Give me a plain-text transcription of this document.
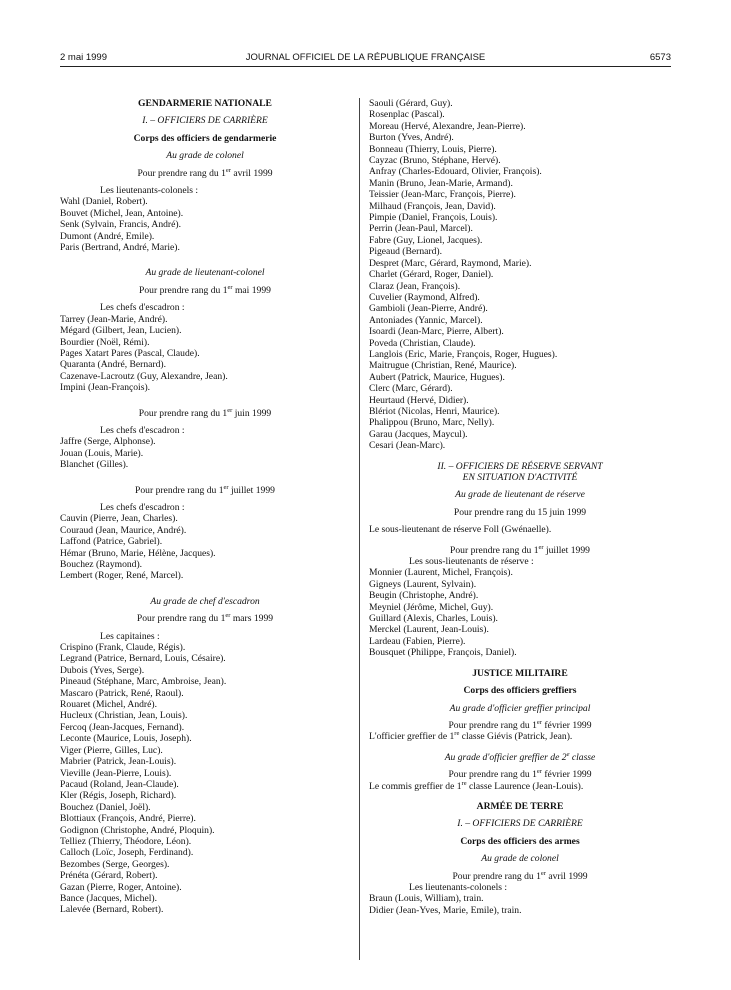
2 mai 1999	JOURNAL OFFICIEL DE LA RÉPUBLIQUE FRANÇAISE	6573
GENDARMERIE NATIONALE
I. – OFFICIERS DE CARRIÈRE
Corps des officiers de gendarmerie
Au grade de colonel
Pour prendre rang du 1er avril 1999
Les lieutenants-colonels :
Wahl (Daniel, Robert).
Bouvet (Michel, Jean, Antoine).
Senk (Sylvain, Francis, André).
Dumont (André, Emile).
Paris (Bertrand, André, Marie).
Au grade de lieutenant-colonel
Pour prendre rang du 1er mai 1999
Les chefs d'escadron :
Tarrey (Jean-Marie, André).
Mégard (Gilbert, Jean, Lucien).
Bourdier (Noël, Rémi).
Pages Xatart Pares (Pascal, Claude).
Quaranta (André, Bernard).
Cazenave-Lacroutz (Guy, Alexandre, Jean).
Impini (Jean-François).
Pour prendre rang du 1er juin 1999
Les chefs d'escadron :
Jaffre (Serge, Alphonse).
Jouan (Louis, Marie).
Blanchet (Gilles).
Pour prendre rang du 1er juillet 1999
Les chefs d'escadron :
Cauvin (Pierre, Jean, Charles).
Couraud (Jean, Maurice, André).
Laffond (Patrice, Gabriel).
Hémar (Bruno, Marie, Hélène, Jacques).
Bouchez (Raymond).
Lembert (Roger, René, Marcel).
Au grade de chef d'escadron
Pour prendre rang du 1er mars 1999
Les capitaines :
Crispino (Frank, Claude, Régis).
Legrand (Patrice, Bernard, Louis, Césaire).
Dubois (Yves, Serge).
Pineaud (Stéphane, Marc, Ambroise, Jean).
Mascaro (Patrick, René, Raoul).
Rouaret (Michel, André).
Hucleux (Christian, Jean, Louis).
Fercoq (Jean-Jacques, Fernand).
Leconte (Maurice, Louis, Joseph).
Viger (Pierre, Gilles, Luc).
Mabrier (Patrick, Jean-Louis).
Vieville (Jean-Pierre, Louis).
Pacaud (Roland, Jean-Claude).
Kler (Régis, Joseph, Richard).
Bouchez (Daniel, Joël).
Blottiaux (François, André, Pierre).
Godignon (Christophe, André, Ploquin).
Telliez (Thierry, Théodore, Léon).
Calloch (Loïc, Joseph, Ferdinand).
Bezombes (Serge, Georges).
Prénéta (Gérard, Robert).
Gazan (Pierre, Roger, Antoine).
Bance (Jacques, Michel).
Lalevée (Bernard, Robert).
Saouli (Gérard, Guy).
Rosenplac (Pascal).
Moreau (Hervé, Alexandre, Jean-Pierre).
Burton (Yves, André).
Bonneau (Thierry, Louis, Pierre).
Cayzac (Bruno, Stéphane, Hervé).
Anfray (Charles-Edouard, Olivier, François).
Manin (Bruno, Jean-Marie, Armand).
Teissier (Jean-Marc, François, Pierre).
Milhaud (François, Jean, David).
Pimpie (Daniel, François, Louis).
Perrin (Jean-Paul, Marcel).
Fabre (Guy, Lionel, Jacques).
Pigeaud (Bernard).
Despret (Marc, Gérard, Raymond, Marie).
Charlet (Gérard, Roger, Daniel).
Claraz (Jean, François).
Cuvelier (Raymond, Alfred).
Gambioli (Jean-Pierre, André).
Antoniades (Yannic, Marcel).
Isoardi (Jean-Marc, Pierre, Albert).
Poveda (Christian, Claude).
Langlois (Eric, Marie, François, Roger, Hugues).
Maitrugue (Christian, René, Maurice).
Aubert (Patrick, Maurice, Hugues).
Clerc (Marc, Gérard).
Heurtaud (Hervé, Didier).
Blériot (Nicolas, Henri, Maurice).
Phalippou (Bruno, Marc, Nelly).
Garau (Jacques, Maycul).
Cesari (Jean-Marc).
II. – OFFICIERS DE RÉSERVE SERVANT
EN SITUATION D'ACTIVITÉ
Au grade de lieutenant de réserve
Pour prendre rang du 15 juin 1999
Le sous-lieutenant de réserve Foll (Gwénaelle).
Pour prendre rang du 1er juillet 1999
Les sous-lieutenants de réserve :
Monnier (Laurent, Michel, François).
Gigneys (Laurent, Sylvain).
Beugin (Christophe, André).
Meyniel (Jérôme, Michel, Guy).
Guillard (Alexis, Charles, Louis).
Merckel (Laurent, Jean-Louis).
Lardeau (Fabien, Pierre).
Bousquet (Philippe, François, Daniel).
JUSTICE MILITAIRE
Corps des officiers greffiers
Au grade d'officier greffier principal
Pour prendre rang du 1er février 1999
L'officier greffier de 1re classe Giévis (Patrick, Jean).
Au grade d'officier greffier de 2e classe
Pour prendre rang du 1er février 1999
Le commis greffier de 1re classe Laurence (Jean-Louis).
ARMÉE DE TERRE
I. – OFFICIERS DE CARRIÈRE
Corps des officiers des armes
Au grade de colonel
Pour prendre rang du 1er avril 1999
Les lieutenants-colonels :
Braun (Louis, William), train.
Didier (Jean-Yves, Marie, Emile), train.
